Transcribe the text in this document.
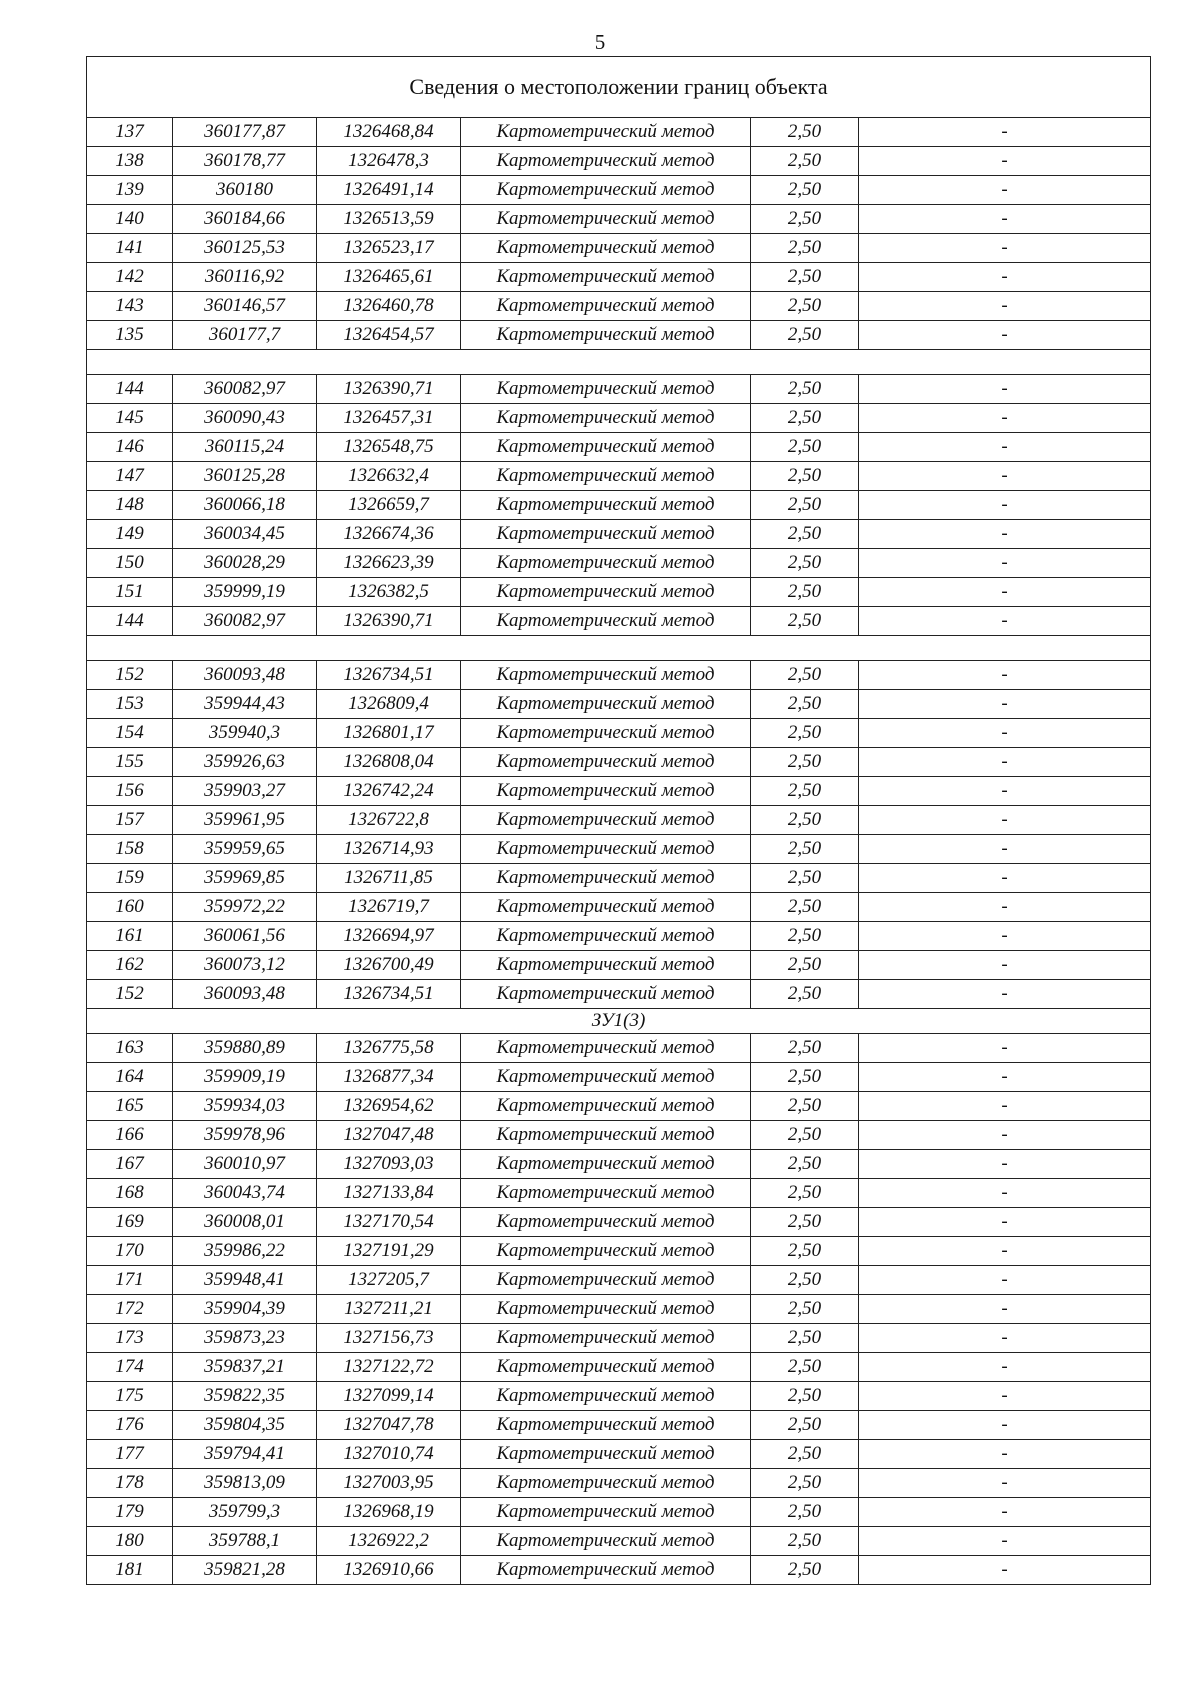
5
Сведения о местоположении границ объекта					
137	360177,87	1326468,84	Картометрический метод	2,50	-
138	360178,77	1326478,3	Картометрический метод	2,50	-
139	360180	1326491,14	Картометрический метод	2,50	-
140	360184,66	1326513,59	Картометрический метод	2,50	-
141	360125,53	1326523,17	Картометрический метод	2,50	-
142	360116,92	1326465,61	Картометрический метод	2,50	-
143	360146,57	1326460,78	Картометрический метод	2,50	-
135	360177,7	1326454,57	Картометрический метод	2,50	-

144	360082,97	1326390,71	Картометрический метод	2,50	-
145	360090,43	1326457,31	Картометрический метод	2,50	-
146	360115,24	1326548,75	Картометрический метод	2,50	-
147	360125,28	1326632,4	Картометрический метод	2,50	-
148	360066,18	1326659,7	Картометрический метод	2,50	-
149	360034,45	1326674,36	Картометрический метод	2,50	-
150	360028,29	1326623,39	Картометрический метод	2,50	-
151	359999,19	1326382,5	Картометрический метод	2,50	-
144	360082,97	1326390,71	Картометрический метод	2,50	-

152	360093,48	1326734,51	Картометрический метод	2,50	-
153	359944,43	1326809,4	Картометрический метод	2,50	-
154	359940,3	1326801,17	Картометрический метод	2,50	-
155	359926,63	1326808,04	Картометрический метод	2,50	-
156	359903,27	1326742,24	Картометрический метод	2,50	-
157	359961,95	1326722,8	Картометрический метод	2,50	-
158	359959,65	1326714,93	Картометрический метод	2,50	-
159	359969,85	1326711,85	Картометрический метод	2,50	-
160	359972,22	1326719,7	Картометрический метод	2,50	-
161	360061,56	1326694,97	Картометрический метод	2,50	-
162	360073,12	1326700,49	Картометрический метод	2,50	-
152	360093,48	1326734,51	Картометрический метод	2,50	-
ЗУ1(3)					
163	359880,89	1326775,58	Картометрический метод	2,50	-
164	359909,19	1326877,34	Картометрический метод	2,50	-
165	359934,03	1326954,62	Картометрический метод	2,50	-
166	359978,96	1327047,48	Картометрический метод	2,50	-
167	360010,97	1327093,03	Картометрический метод	2,50	-
168	360043,74	1327133,84	Картометрический метод	2,50	-
169	360008,01	1327170,54	Картометрический метод	2,50	-
170	359986,22	1327191,29	Картометрический метод	2,50	-
171	359948,41	1327205,7	Картометрический метод	2,50	-
172	359904,39	1327211,21	Картометрический метод	2,50	-
173	359873,23	1327156,73	Картометрический метод	2,50	-
174	359837,21	1327122,72	Картометрический метод	2,50	-
175	359822,35	1327099,14	Картометрический метод	2,50	-
176	359804,35	1327047,78	Картометрический метод	2,50	-
177	359794,41	1327010,74	Картометрический метод	2,50	-
178	359813,09	1327003,95	Картометрический метод	2,50	-
179	359799,3	1326968,19	Картометрический метод	2,50	-
180	359788,1	1326922,2	Картометрический метод	2,50	-
181	359821,28	1326910,66	Картометрический метод	2,50	-
